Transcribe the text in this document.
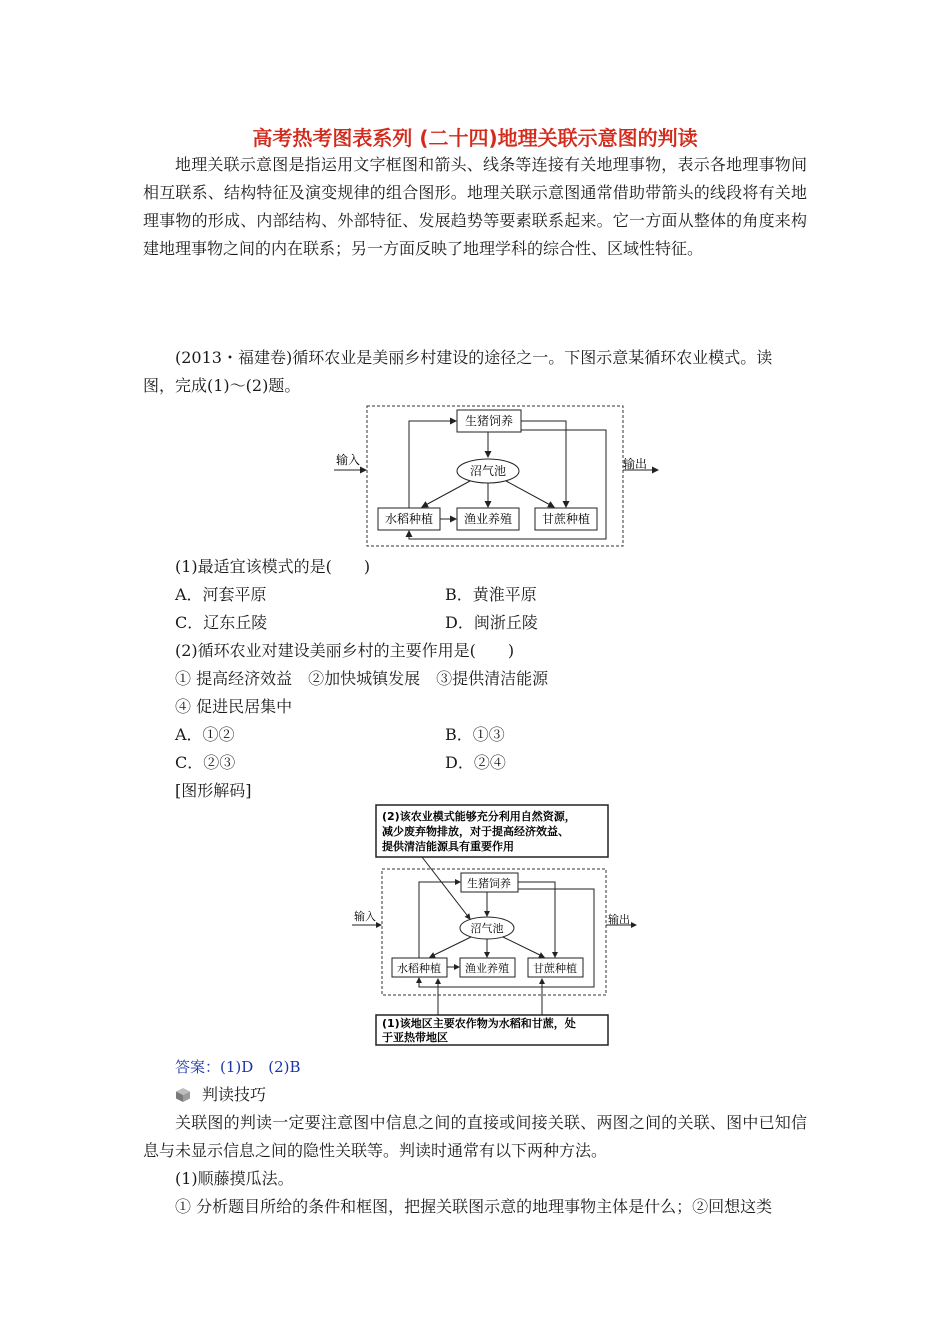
高考热考图表系列 (二十四)地理关联示意图的判读
地理关联示意图是指运用文字框图和箭头、线条等连接有关地理事物，表示各地理事物间相互联系、结构特征及演变规律的组合图形。地理关联示意图通常借助带箭头的线段将有关地理事物的形成、内部结构、外部特征、发展趋势等要素联系起来。它一方面从整体的角度来构建地理事物之间的内在联系；另一方面反映了地理学科的综合性、区域性特征。
(2013・福建卷)循环农业是美丽乡村建设的途径之一。下图示意某循环农业模式。读
图，完成(1)～(2)题。
输入	输出
生猪饲养
沼气池
水稻种植	渔业养殖 甘蔗种植
(1)最适宜该模式的是(　　)
A．河套平原	B．黄淮平原
C．辽东丘陵	D．闽浙丘陵
(2)循环农业对建设美丽乡村的主要作用是(　　)
① 提高经济效益　②加快城镇发展　③提供清洁能源
④ 促进民居集中
A．①②	B．①③
C．②③	D．②④
[图形解码]
(2)该农业模式能够充分利用自然资源，
减少废弃物排放，对于提高经济效益、
提供清洁能源具有重要作用
输入	输出
生猪饲养
沼气池
水稻种植 渔业养殖 甘蔗种植
(1)该地区主要农作物为水稻和甘蔗，处
于亚热带地区
答案：(1)D　(2)B
判读技巧
关联图的判读一定要注意图中信息之间的直接或间接关联、两图之间的关联、图中已知信息与未显示信息之间的隐性关联等。判读时通常有以下两种方法。
(1)顺藤摸瓜法。
① 分析题目所给的条件和框图，把握关联图示意的地理事物主体是什么；②回想这类
